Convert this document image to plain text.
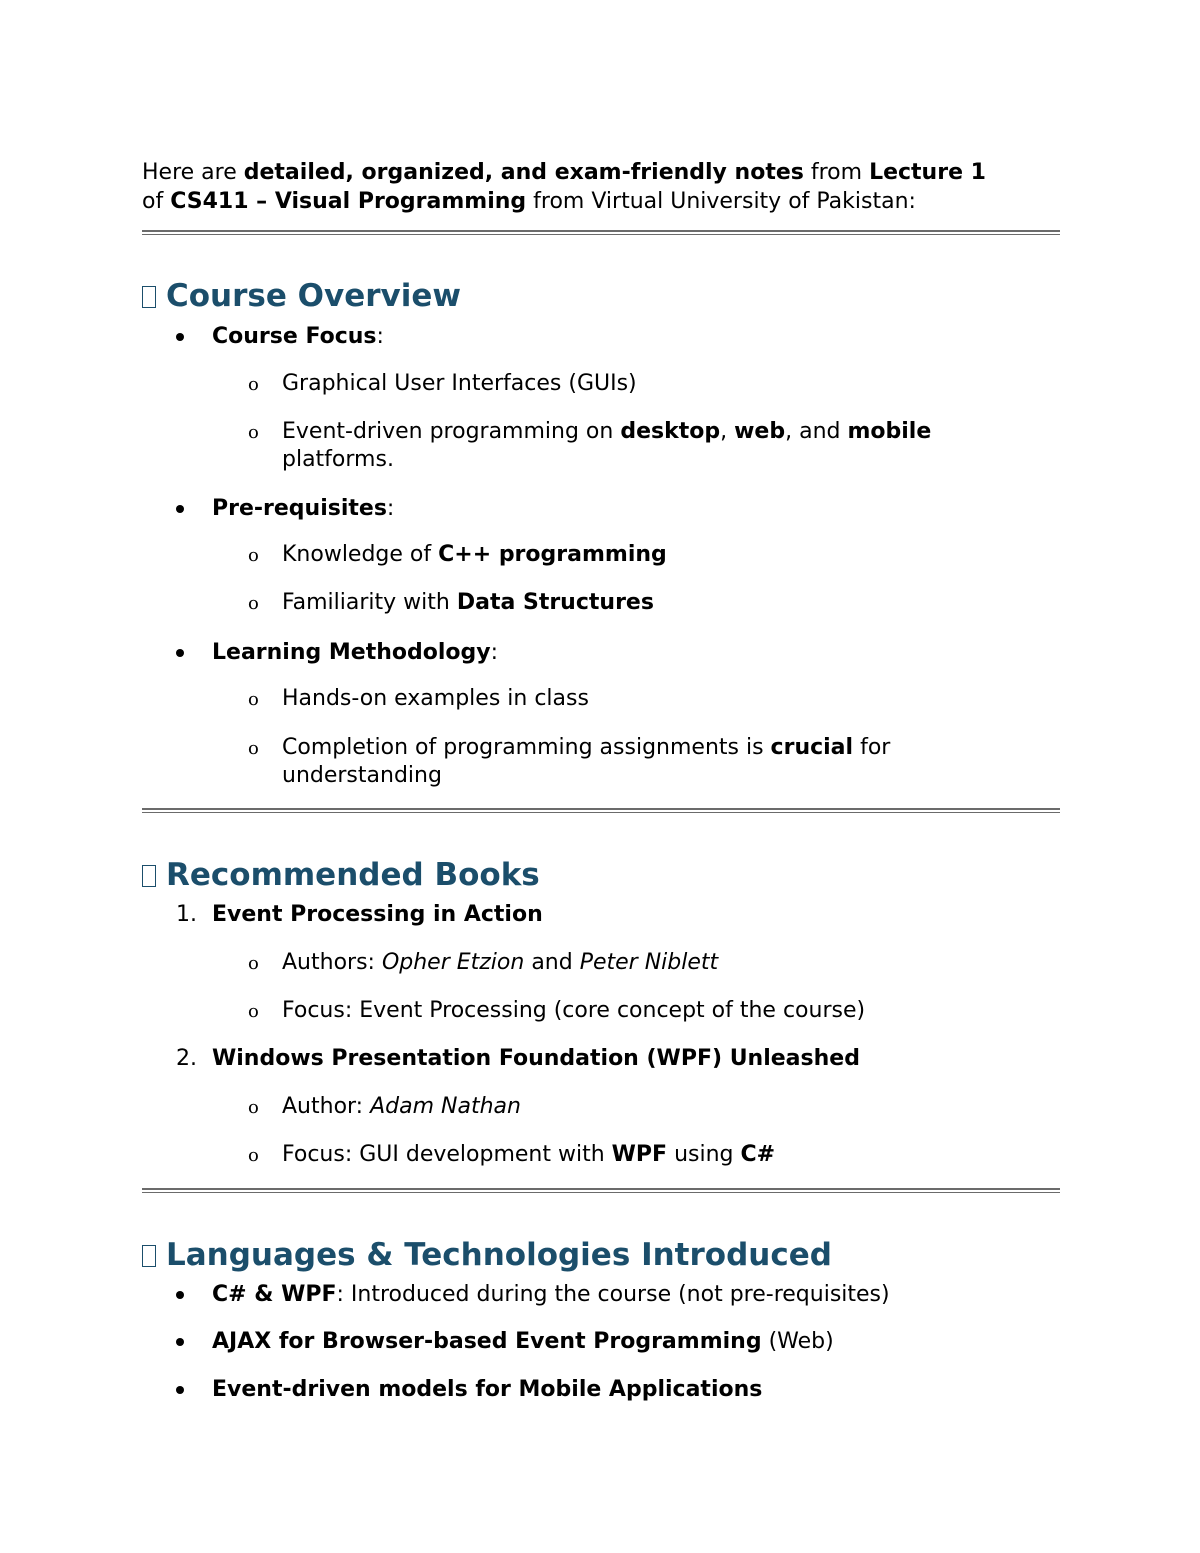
Here are detailed, organized, and exam-friendly notes from Lecture 1
of CS411 – Visual Programming from Virtual University of Pakistan:
Course Overview
Course Focus:
o Graphical User Interfaces (GUIs)
o Event-driven programming on desktop, web, and mobile
platforms.
Pre-requisites:
o Knowledge of C++ programming
o Familiarity with Data Structures
Learning Methodology:
o Hands-on examples in class
o Completion of programming assignments is crucial for
understanding
Recommended Books
1. Event Processing in Action
o Authors: Opher Etzion and Peter Niblett
o Focus: Event Processing (core concept of the course)
2. Windows Presentation Foundation (WPF) Unleashed
o Author: Adam Nathan
o Focus: GUI development with WPF using C#
Languages & Technologies Introduced
C# & WPF: Introduced during the course (not pre-requisites)
AJAX for Browser-based Event Programming (Web)
Event-driven models for Mobile Applications
